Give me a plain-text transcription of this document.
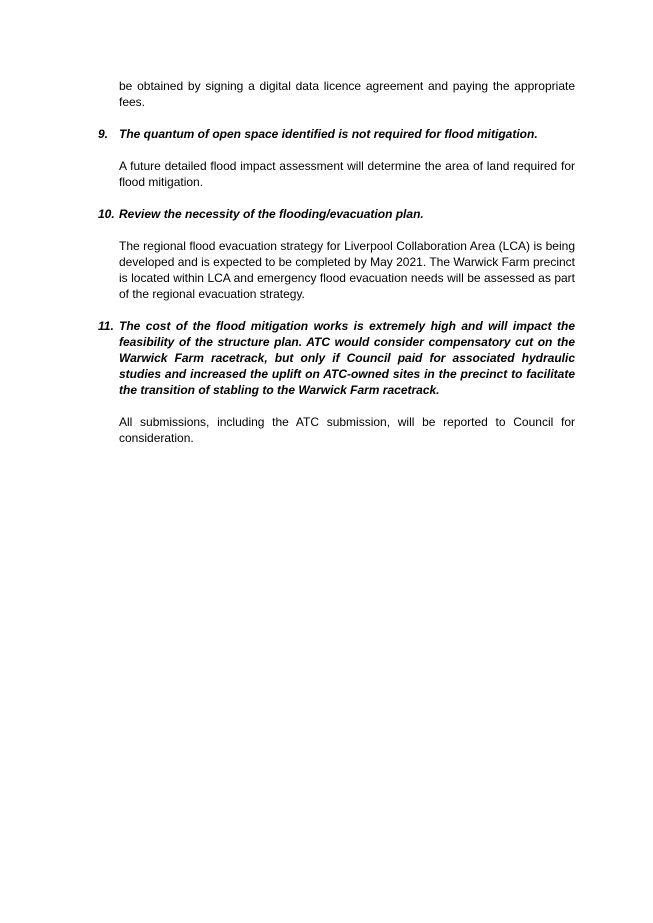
be obtained by signing a digital data licence agreement and paying the appropriate fees.

9. The quantum of open space identified is not required for flood mitigation.

A future detailed flood impact assessment will determine the area of land required for flood mitigation.

10. Review the necessity of the flooding/evacuation plan.

The regional flood evacuation strategy for Liverpool Collaboration Area (LCA) is being developed and is expected to be completed by May 2021. The Warwick Farm precinct is located within LCA and emergency flood evacuation needs will be assessed as part of the regional evacuation strategy.

11. The cost of the flood mitigation works is extremely high and will impact the feasibility of the structure plan. ATC would consider compensatory cut on the Warwick Farm racetrack, but only if Council paid for associated hydraulic studies and increased the uplift on ATC-owned sites in the precinct to facilitate the transition of stabling to the Warwick Farm racetrack.

All submissions, including the ATC submission, will be reported to Council for consideration.
